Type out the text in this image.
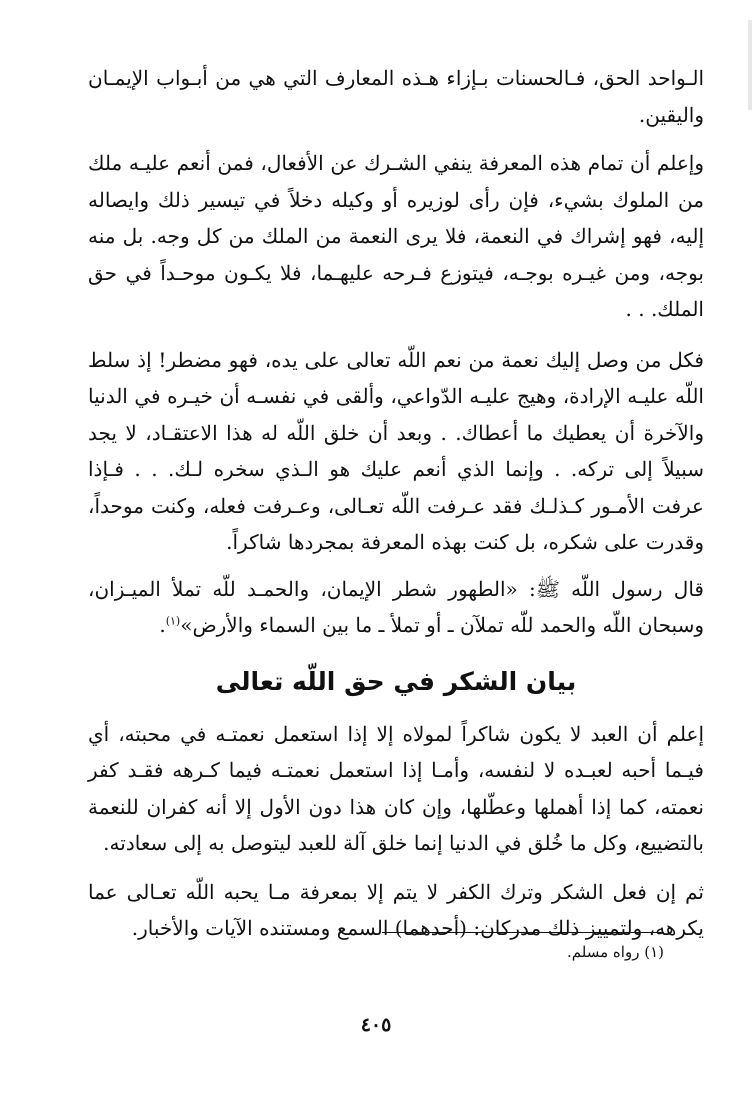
الـواحد الحق، فـالحسنات بـإزاء هـذه المعارف التي هي من أبـواب الإيمـان واليقين.

وإعلم أن تمام هذه المعرفة ينفي الشـرك عن الأفعال، فمن أنعم عليـه ملك من الملوك بشيء، فإن رأى لوزيره أو وكيله دخلاً في تيسير ذلك وايصاله إليه، فهو إشراك في النعمة، فلا يرى النعمة من الملك من كل وجه. بل منه بوجه، ومن غيـره بوجـه، فيتوزع فـرحه عليهـما، فلا يكـون موحـداً في حق الملك. . .

فكل من وصل إليك نعمة من نعم اللّه تعالى على يده، فهو مضطر! إذ سلط اللّه عليـه الإرادة، وهيج عليـه الدّواعي، وألقى في نفسـه أن خيـره في الدنيا والآخرة أن يعطيك ما أعطاك. . وبعد أن خلق اللّه له هذا الاعتقـاد، لا يجد سبيلاً إلى تركه. . وإنما الذي أنعم عليك هو الـذي سخره لـك. . . فـإذا عرفت الأمـور كـذلـك فقد عـرفت اللّه تعـالى، وعـرفت فعله، وكنت موحداً، وقدرت على شكره، بل كنت بهذه المعرفة بمجردها شاكراً.

قال رسول اللّه ﷺ: «الطهور شطر الإيمان، والحمـد للّه تملأ الميـزان، وسبحان اللّه والحمد للّه تملآن ـ أو تملأ ـ ما بين السماء والأرض»$^{(١)}$.

بيان الشكر في حق اللّه تعالى

إعلم أن العبد لا يكون شاكراً لمولاه إلا إذا استعمل نعمتـه في محبته، أي فيـما أحبه لعبـده لا لنفسه، وأمـا إذا استعمل نعمتـه فيما كـرهه فقـد كفر نعمته، كما إذا أهملها وعطّلها، وإن كان هذا دون الأول إلا أنه كفران للنعمة بالتضييع، وكل ما خُلق في الدنيا إنما خلق آلة للعبد ليتوصل به إلى سعادته.

ثم إن فعل الشكر وترك الكفر لا يتم إلا بمعرفة مـا يحبه اللّه تعـالى عما يكرهه، ولتمييز ذلك مدركان: (أحدهما) السمع ومستنده الآيات والأخبار.

(١) رواه مسلم.
٤٠٥
